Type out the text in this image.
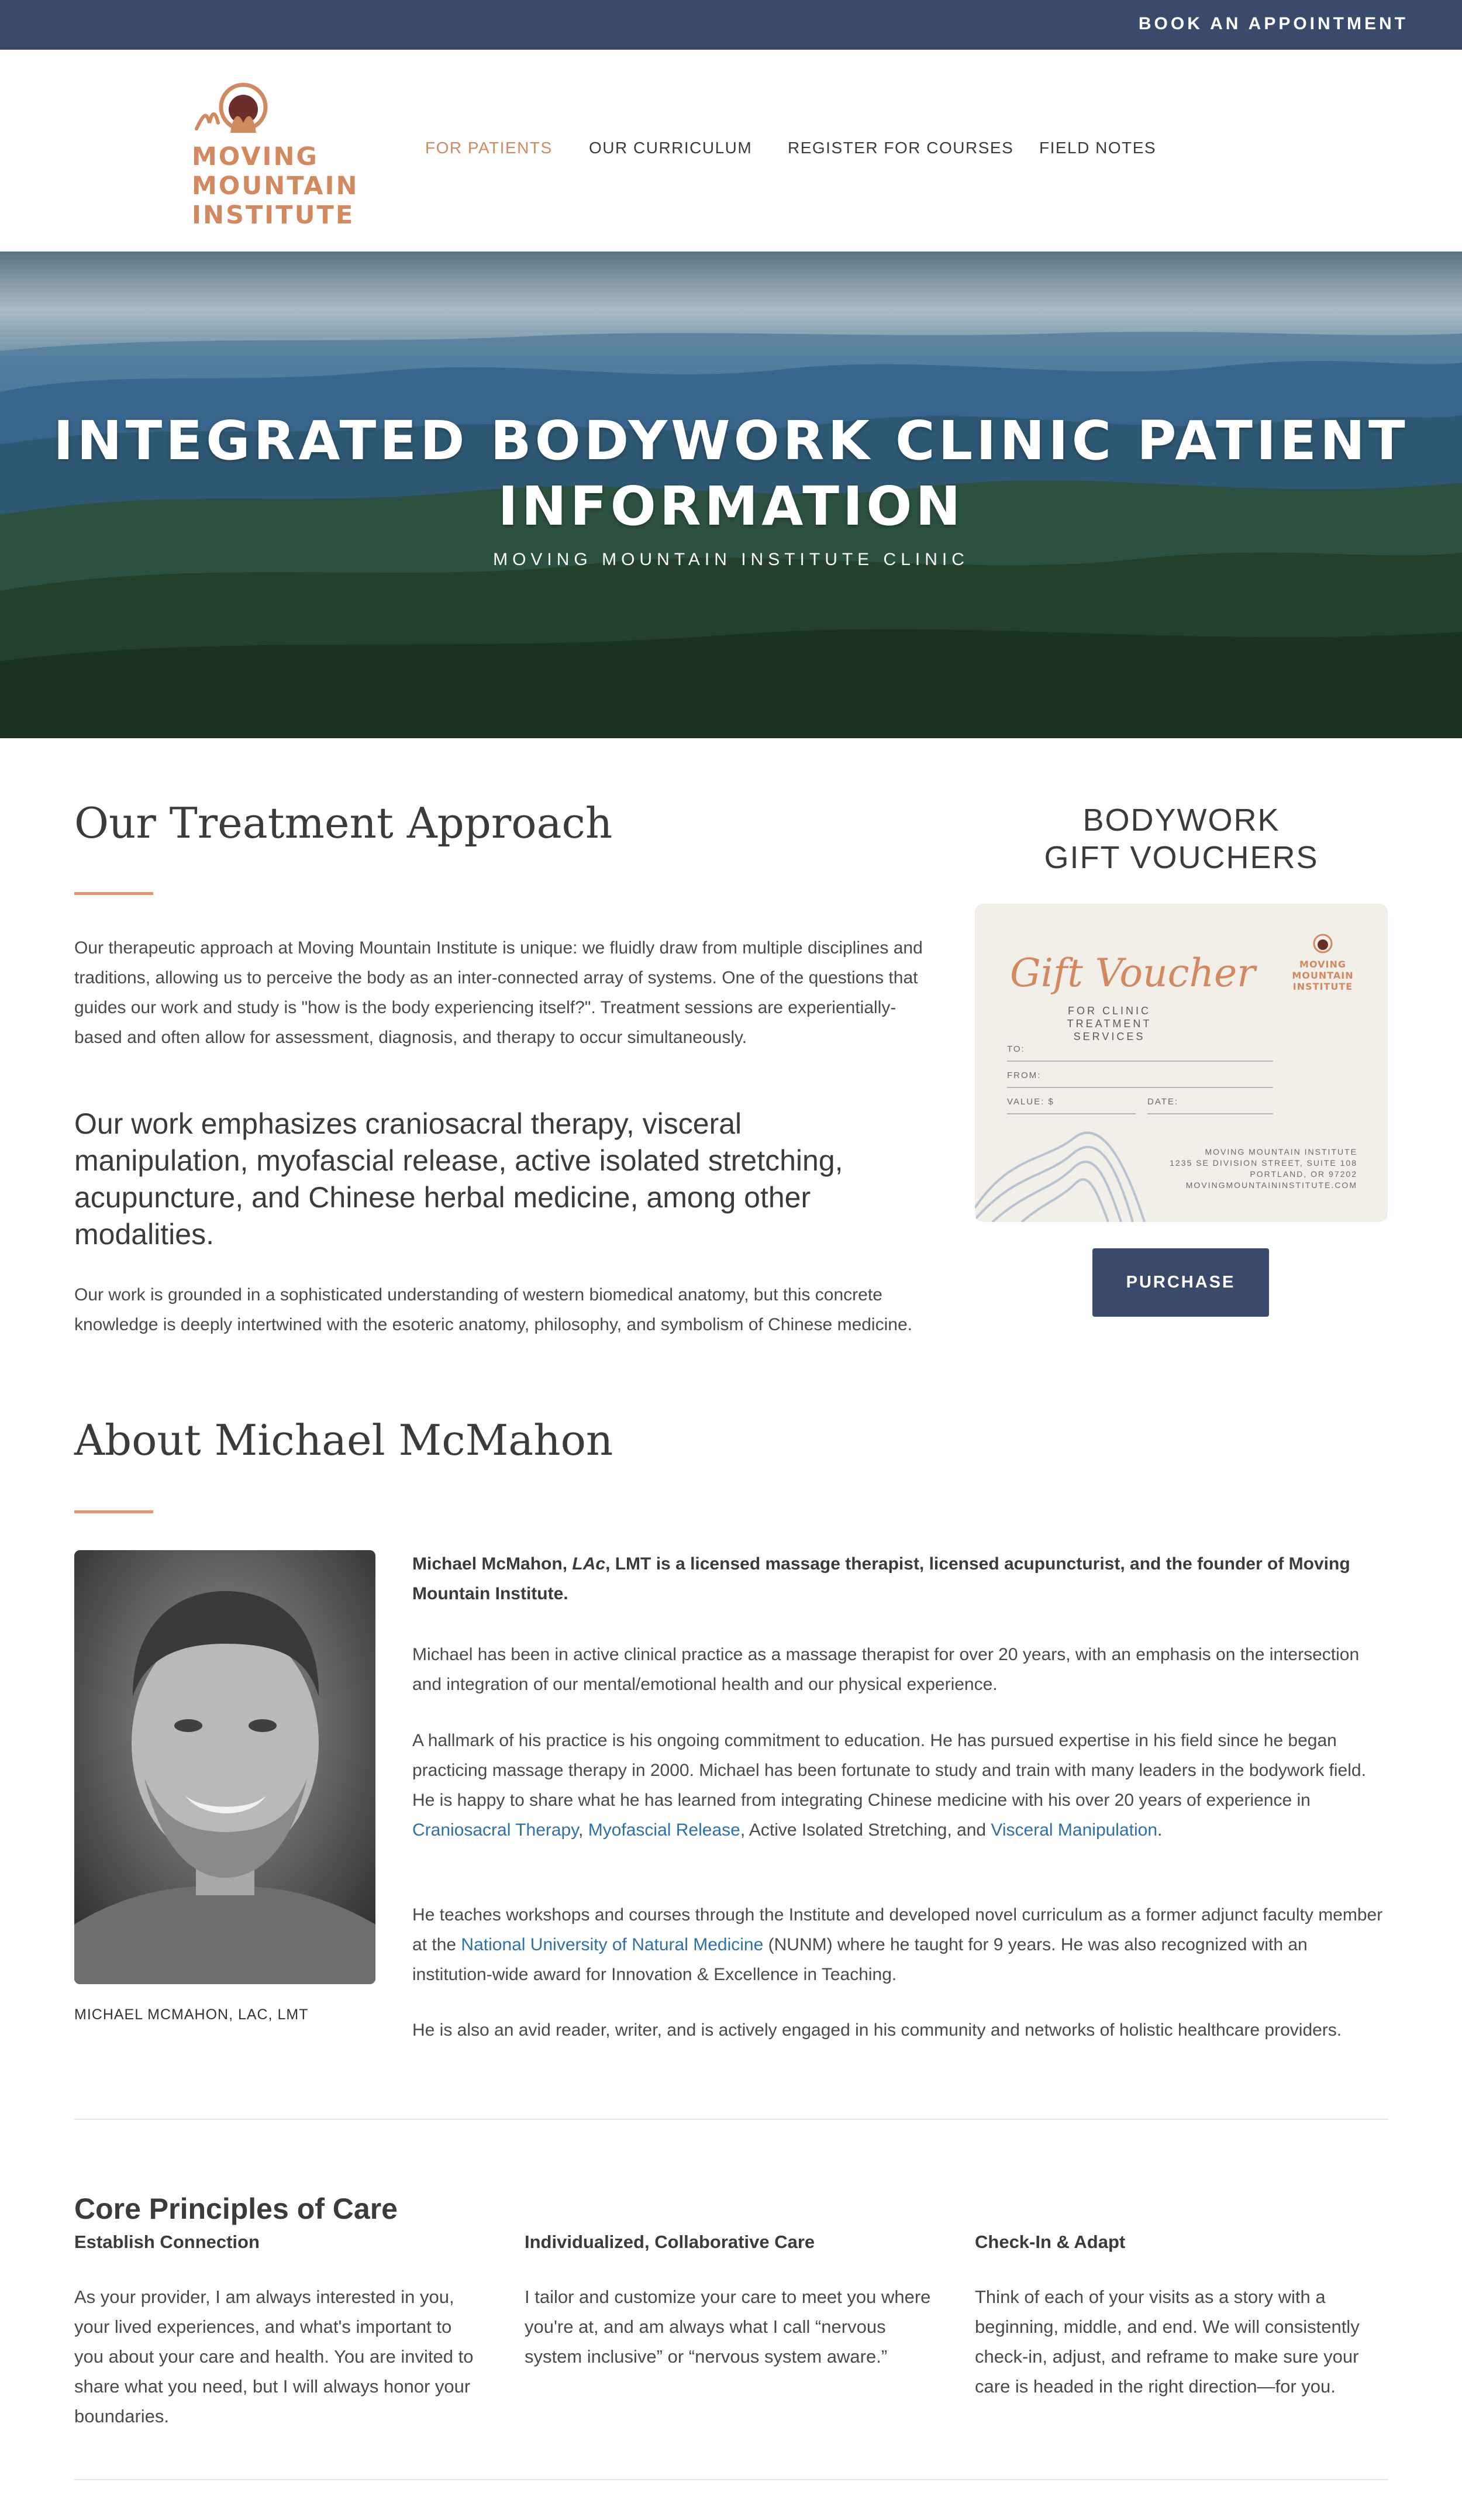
BOOK AN APPOINTMENT
MOVING
MOUNTAIN
INSTITUTE
FOR PATIENTS OUR CURRICULUM REGISTER FOR COURSES FIELD NOTES
INTEGRATED BODYWORK CLINIC PATIENT
INFORMATION
MOVING MOUNTAIN INSTITUTE CLINIC
Our Treatment Approach

Our therapeutic approach at Moving Mountain Institute is unique: we fluidly draw from multiple disciplines and traditions, allowing us to perceive the body as an inter-connected array of systems. One of the questions that guides our work and study is "how is the body experiencing itself?". Treatment sessions are experientially-based and often allow for assessment, diagnosis, and therapy to occur simultaneously.

Our work emphasizes craniosacral therapy, visceral manipulation, myofascial release, active isolated stretching, acupuncture, and Chinese herbal medicine, among other modalities.

Our work is grounded in a sophisticated understanding of western biomedical anatomy, but this concrete knowledge is deeply intertwined with the esoteric anatomy, philosophy, and symbolism of Chinese medicine.

BODYWORK
GIFT VOUCHERS
Gift Voucher
FOR CLINIC TREATMENT SERVICES
MOVING
MOUNTAIN
INSTITUTE
TO:
FROM:
VALUE: $	DATE:
MOVING MOUNTAIN INSTITUTE
1235 SE DIVISION STREET, SUITE 108
PORTLAND, OR 97202
MOVINGMOUNTAININSTITUTE.COM
PURCHASE
About Michael McMahon
MICHAEL MCMAHON, LAC, LMT

Michael McMahon, LAc, LMT is a licensed massage therapist, licensed acupuncturist, and the founder of Moving Mountain Institute.

Michael has been in active clinical practice as a massage therapist for over 20 years, with an emphasis on the intersection and integration of our mental/emotional health and our physical experience.

A hallmark of his practice is his ongoing commitment to education. He has pursued expertise in his field since he began practicing massage therapy in 2000. Michael has been fortunate to study and train with many leaders in the bodywork field. He is happy to share what he has learned from integrating Chinese medicine with his over 20 years of experience in Craniosacral Therapy, Myofascial Release, Active Isolated Stretching, and Visceral Manipulation.

He teaches workshops and courses through the Institute and developed novel curriculum as a former adjunct faculty member at the National University of Natural Medicine (NUNM) where he taught for 9 years. He was also recognized with an institution-wide award for Innovation & Excellence in Teaching.

He is also an avid reader, writer, and is actively engaged in his community and networks of holistic healthcare providers.

Core Principles of Care
Establish Connection

As your provider, I am always interested in you, your lived experiences, and what's important to you about your care and health. You are invited to share what you need, but I will always honor your boundaries.

Individualized, Collaborative Care

I tailor and customize your care to meet you where you're at, and am always what I call “nervous system inclusive” or “nervous system aware.”

Check-In & Adapt

Think of each of your visits as a story with a beginning, middle, and end. We will consistently check-in, adjust, and reframe to make sure your care is headed in the right direction—for you.
